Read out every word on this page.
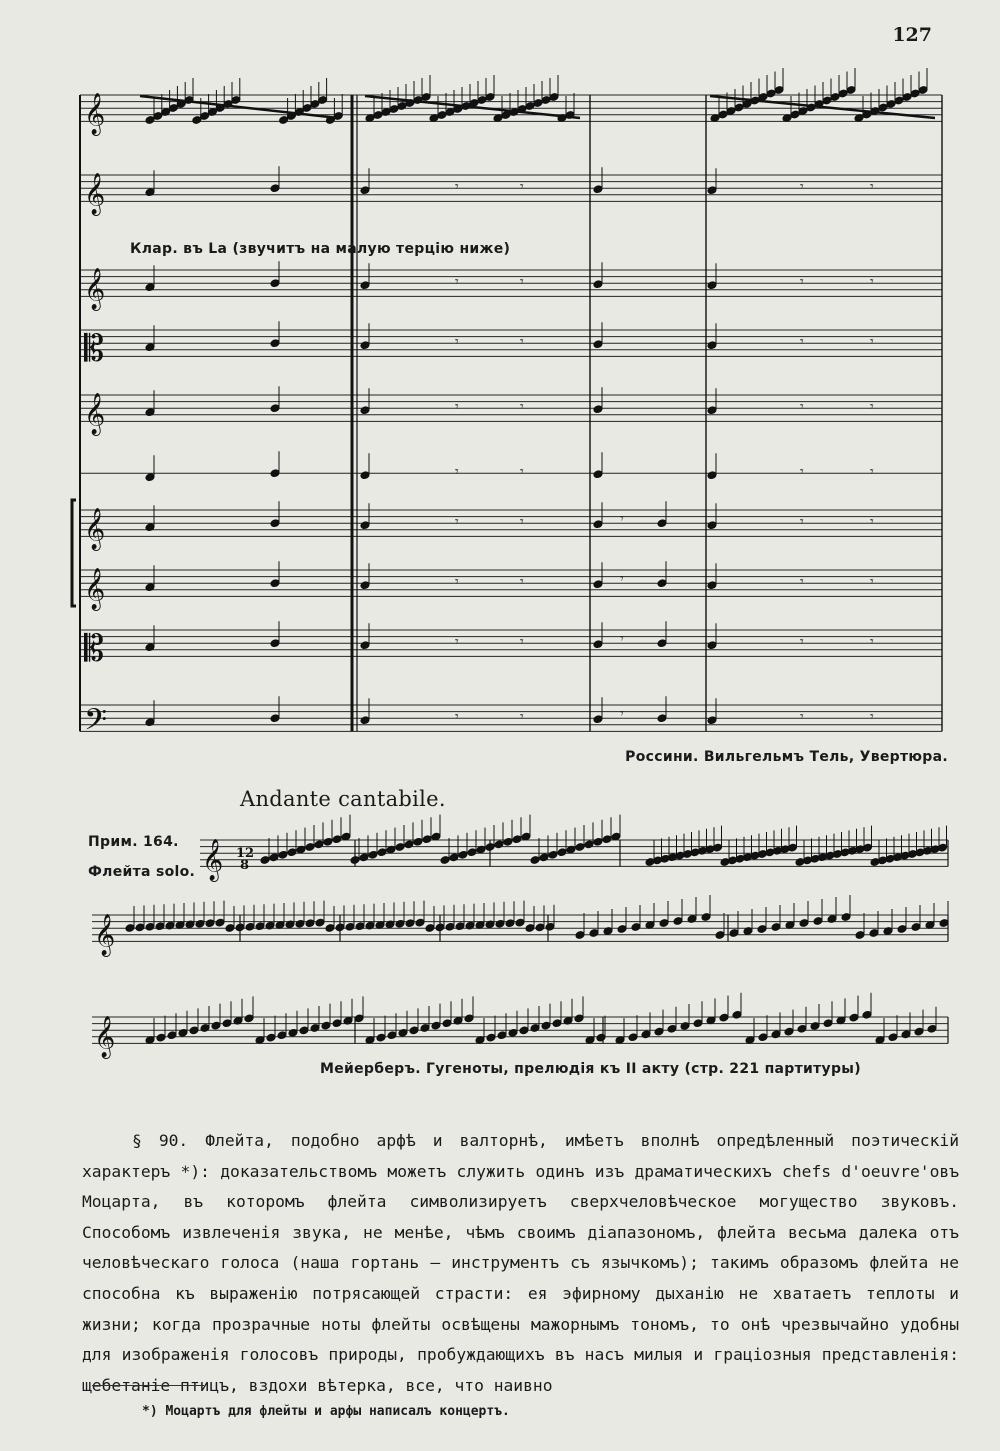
127
𝄾	𝄾	𝄾	𝄾
𝄾	𝄾	𝄾	𝄾
𝄾	𝄾	𝄾	𝄾
𝄾	𝄾	𝄾	𝄾
𝄾	𝄾	𝄾	𝄾
𝄾	𝄾	𝄾	𝄾	𝄾
𝄾	𝄾	𝄾	𝄾	𝄾
𝄾	𝄾	𝄾	𝄾	𝄾
𝄾	𝄾	𝄾	𝄾	𝄾
𝄞
𝄞
𝄞
𝄡
𝄞
𝄞
𝄞
𝄡
𝄢
𝄞
𝄞
𝄞
12
8
Клар. въ La (звучитъ на малую терцію ниже)
Россини. Вильгельмъ Тель, Увертюра.
Andante cantabile.
Прим. 164.
Флейта solo.
Мейерберъ. Гугеноты, прелюдія къ II акту (стр. 221 партитуры)

§ 90. Флейта, подобно арфѣ и валторнѣ, имѣетъ вполнѣ опредѣленный поэтическій характеръ *): доказательствомъ можетъ служить одинъ изъ драматическихъ chefs d'oeuvre'овъ Моцарта, въ которомъ флейта символизируетъ сверхчеловѣческое могущество звуковъ. Способомъ извлеченія звука, не менѣе, чѣмъ своимъ діапазономъ, флейта весьма далека отъ человѣческаго голоса (наша гортань — инструментъ съ язычкомъ); такимъ образомъ флейта не способна къ выраженію потрясающей страсти: ея эфирному дыханію не хватаетъ теплоты и жизни; когда прозрачные ноты флейты освѣщены мажорнымъ тономъ, то онѣ чрезвычайно удобны для изображенія голосовъ природы, пробуждающихъ въ насъ милыя и граціозныя представленія: щебетаніе птицъ, вздохи вѣтерка, все, что наивно

*) Моцартъ для флейты и арфы написалъ концертъ.
